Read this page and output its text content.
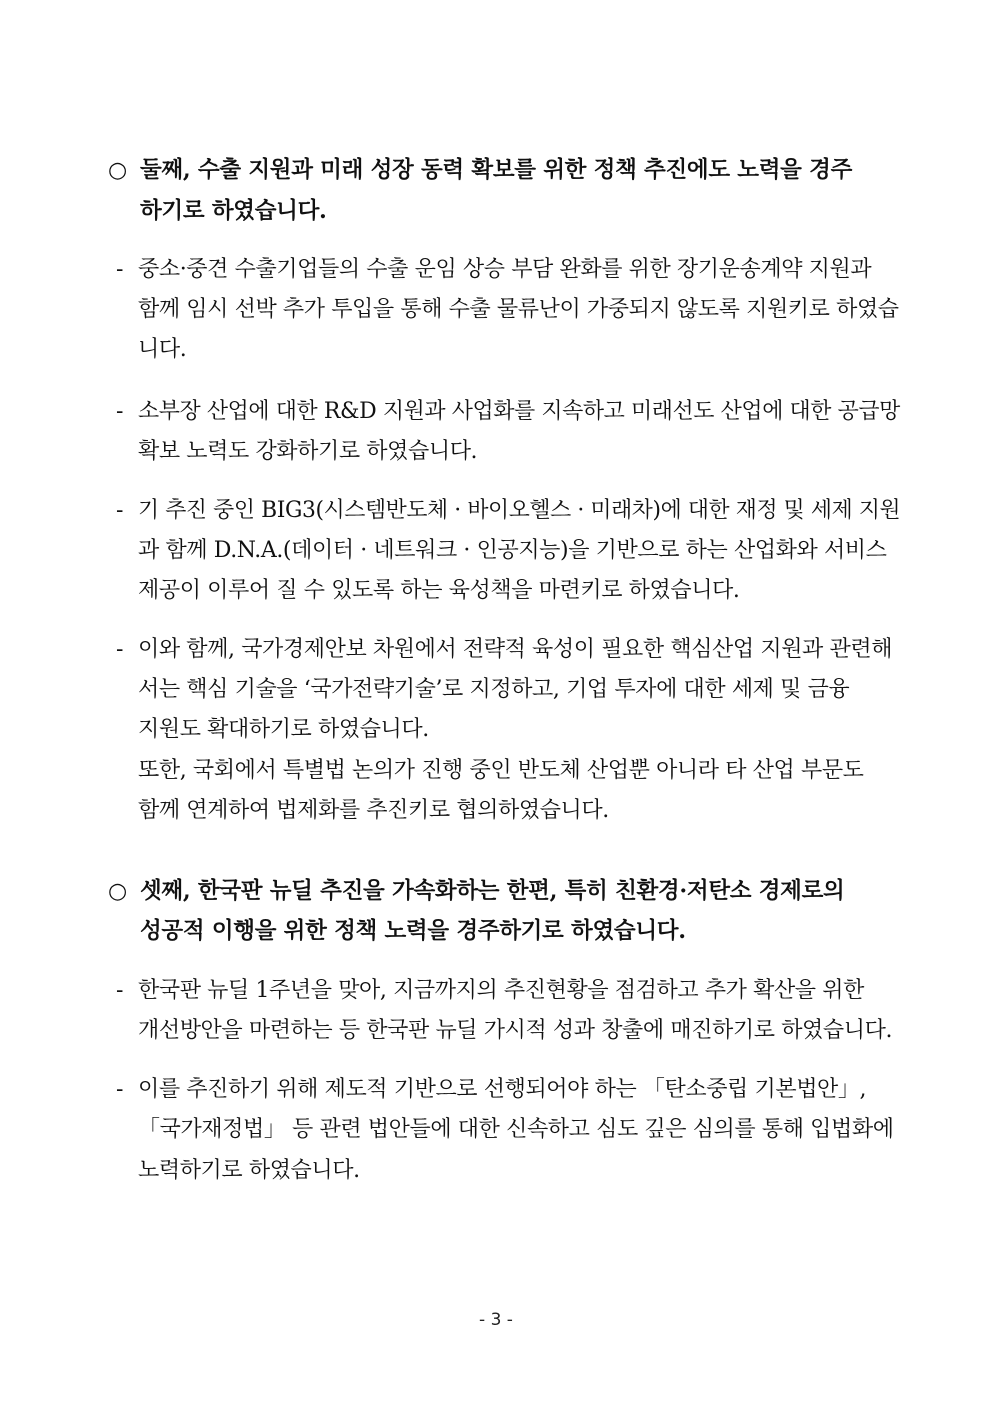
○ 둘째, 수출 지원과 미래 성장 동력 확보를 위한 정책 추진에도 노력을 경주
하기로 하였습니다.
- 중소·중견 수출기업들의 수출 운임 상승 부담 완화를 위한 장기운송계약 지원과
함께 임시 선박 추가 투입을 통해 수출 물류난이 가중되지 않도록 지원키로 하였습
니다.
- 소부장 산업에 대한 R&D 지원과 사업화를 지속하고 미래선도 산업에 대한 공급망
확보 노력도 강화하기로 하였습니다.
- 기 추진 중인 BIG3(시스템반도체 · 바이오헬스 · 미래차)에 대한 재정 및 세제 지원
과 함께 D.N.A.(데이터 · 네트워크 · 인공지능)을 기반으로 하는 산업화와 서비스
제공이 이루어 질 수 있도록 하는 육성책을 마련키로 하였습니다.
- 이와 함께, 국가경제안보 차원에서 전략적 육성이 필요한 핵심산업 지원과 관련해
서는 핵심 기술을 ‘국가전략기술’로 지정하고, 기업 투자에 대한 세제 및 금융
지원도 확대하기로 하였습니다.
또한, 국회에서 특별법 논의가 진행 중인 반도체 산업뿐 아니라 타 산업 부문도
함께 연계하여 법제화를 추진키로 협의하였습니다.
○ 셋째, 한국판 뉴딜 추진을 가속화하는 한편, 특히 친환경·저탄소 경제로의
성공적 이행을 위한 정책 노력을 경주하기로 하였습니다.
- 한국판 뉴딜 1주년을 맞아, 지금까지의 추진현황을 점검하고 추가 확산을 위한
개선방안을 마련하는 등 한국판 뉴딜 가시적 성과 창출에 매진하기로 하였습니다.
- 이를 추진하기 위해 제도적 기반으로 선행되어야 하는 「탄소중립 기본법안」,
「국가재정법」 등 관련 법안들에 대한 신속하고 심도 깊은 심의를 통해 입법화에
노력하기로 하였습니다.
- 3 -
